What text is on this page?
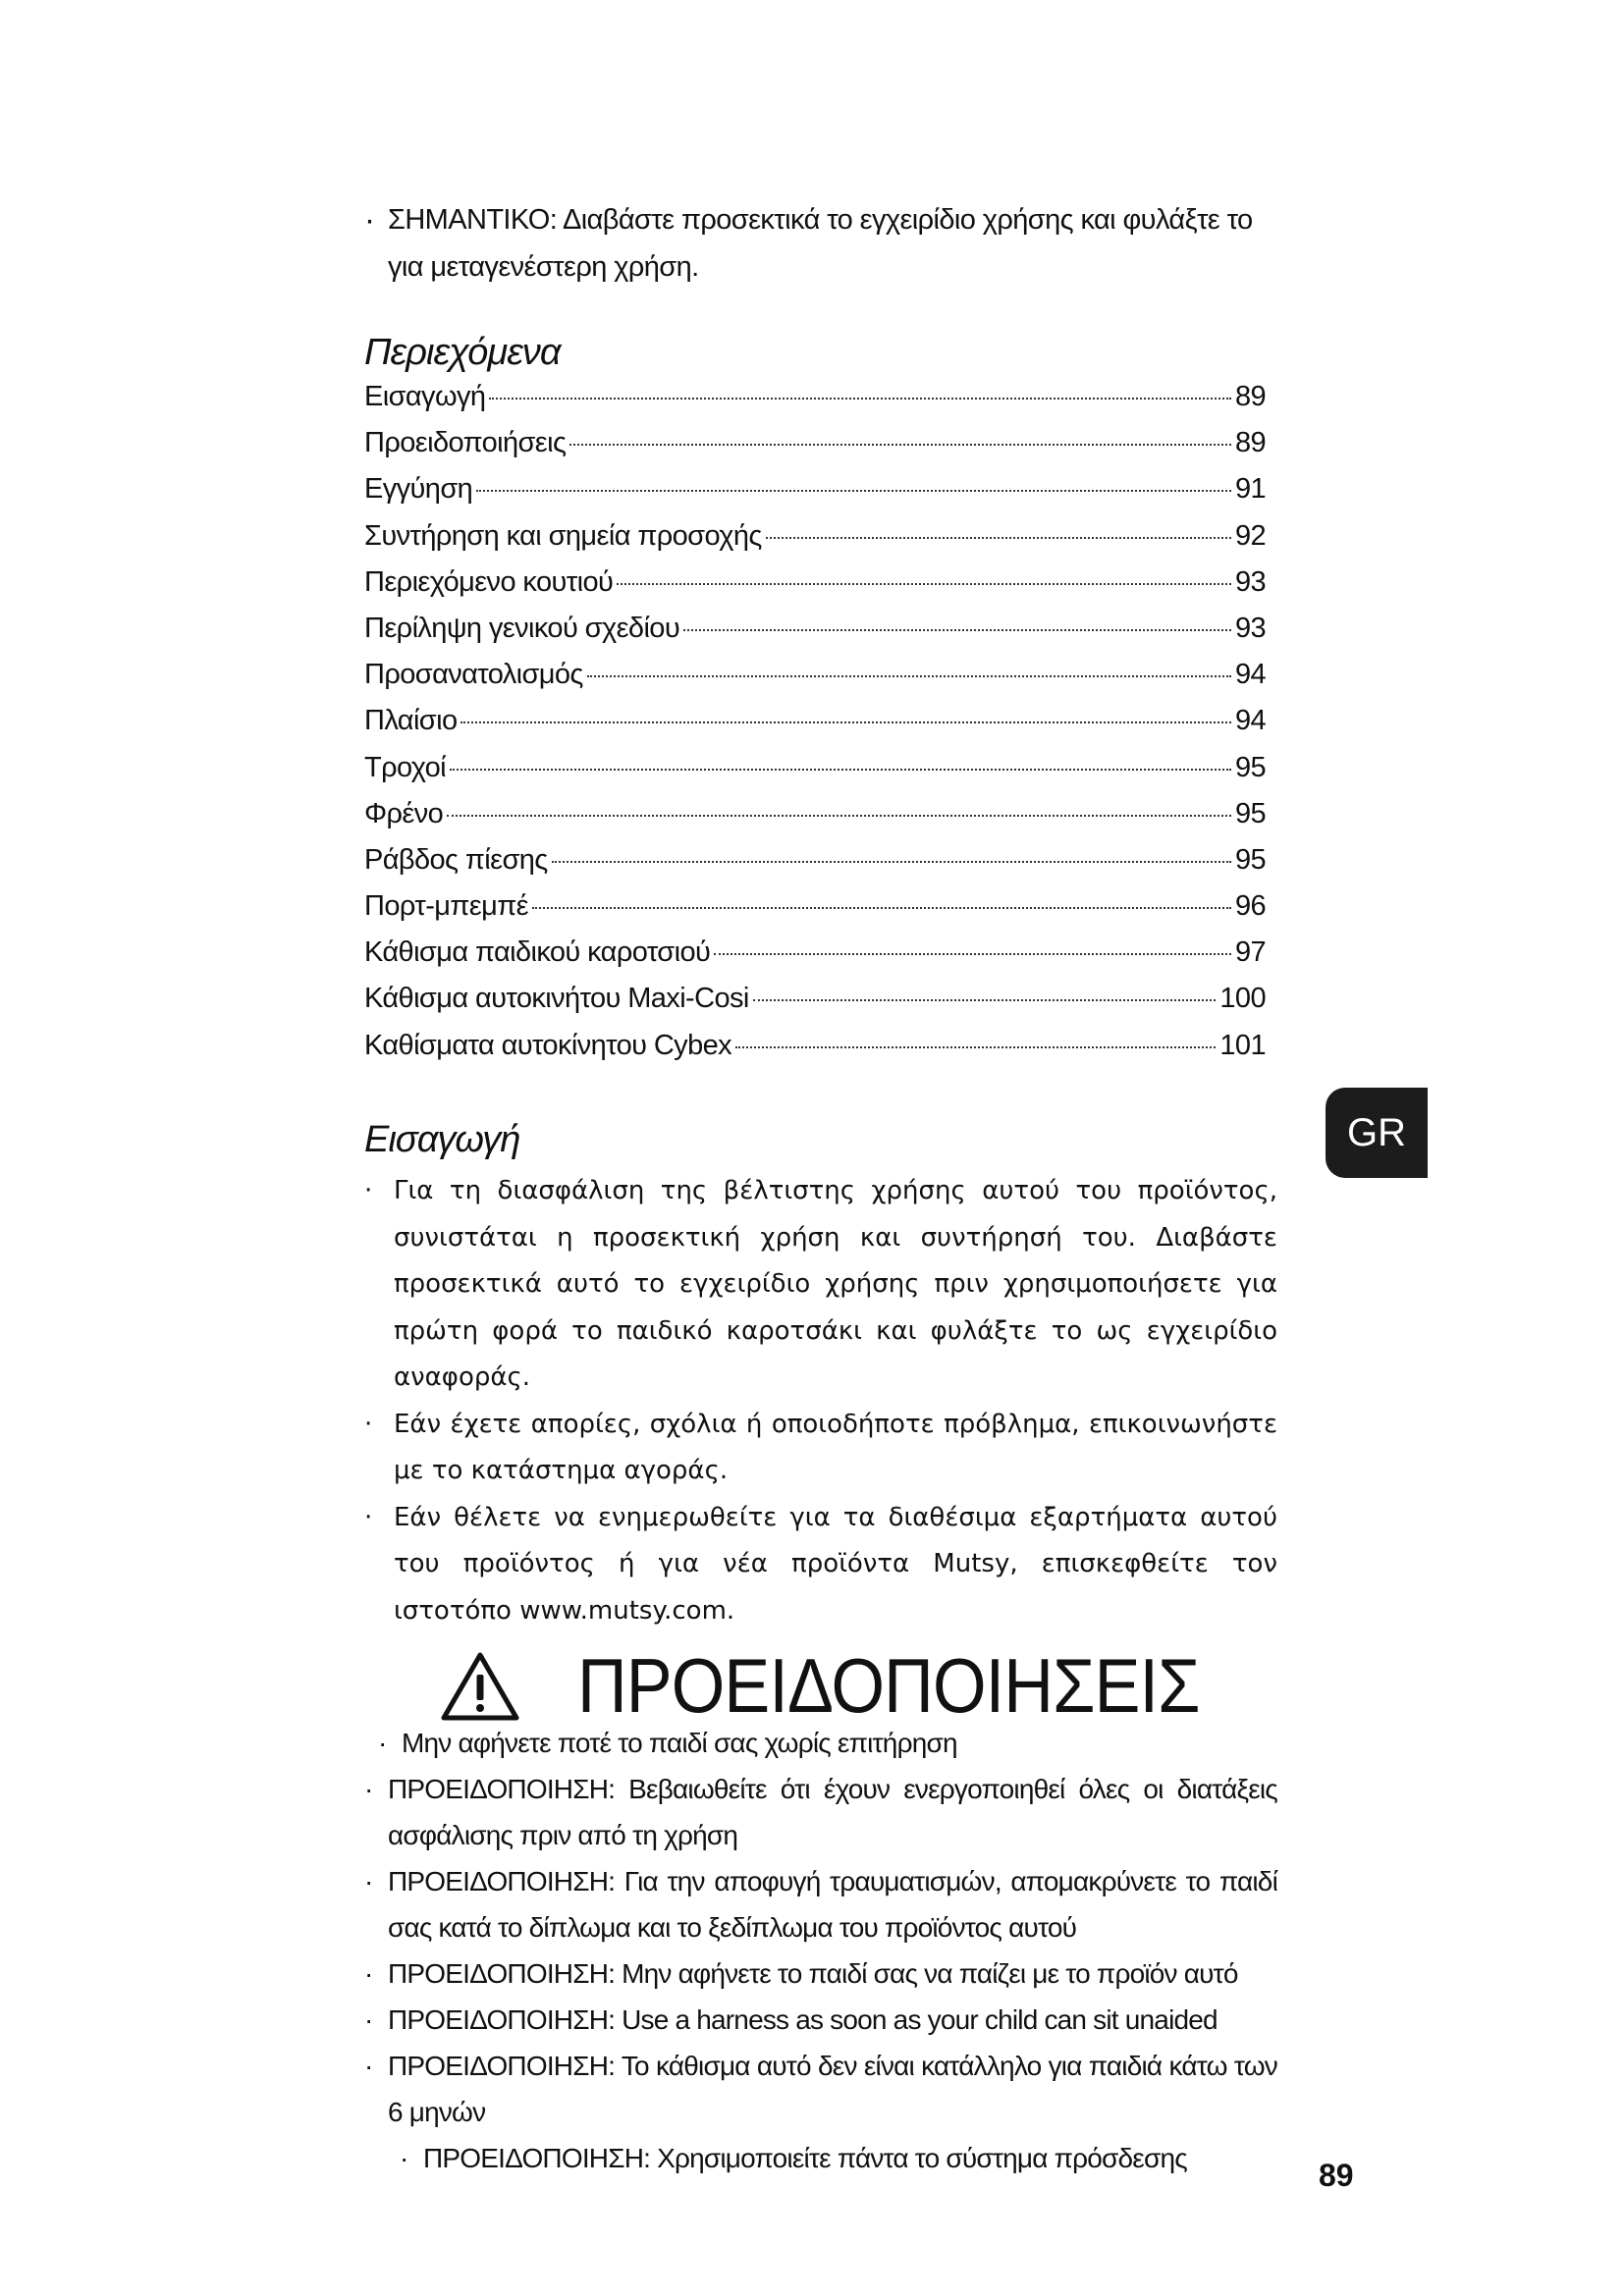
· ΣΗΜΑΝΤΙΚΟ: Διαβάστε προσεκτικά το εγχειρίδιο χρήσης και φυλάξτε το για μεταγενέστερη χρήση.
Περιεχόμενα
Εισαγωγή	89
Προειδοποιήσεις	89
Εγγύηση	91
Συντήρηση και σημεία προσοχής	92
Περιεχόμενο κουτιού	93
Περίληψη γενικού σχεδίου	93
Προσανατολισμός	94
Πλαίσιο	94
Τροχοί	95
Φρένο	95
Ράβδος πίεσης	95
Πορτ-μπεμπέ	96
Κάθισμα παιδικού καροτσιού	97
Κάθισμα αυτοκινήτου Maxi-Cosi	100
Καθίσματα αυτοκίνητου Cybex	101
Εισαγωγή
· Για τη διασφάλιση της βέλτιστης χρήσης αυτού του προϊόντος, συνιστάται η προσεκτική χρήση και συντήρησή του. Διαβάστε προσεκτικά αυτό το εγχειρίδιο χρήσης πριν χρησιμοποιήσετε για πρώτη φορά το παιδικό καροτσάκι και φυλάξτε το ως εγχειρίδιο αναφοράς.
· Εάν έχετε απορίες, σχόλια ή οποιοδήποτε πρόβλημα, επικοινωνήστε με το κατάστημα αγοράς.
· Εάν θέλετε να ενημερωθείτε για τα διαθέσιμα εξαρτήματα αυτού του προϊόντος ή για νέα προϊόντα Mutsy, επισκεφθείτε τον ιστοτόπο www.mutsy.com.
GR
ΠΡΟΕΙΔΟΠΟΙΗΣΕΙΣ
· Μην αφήνετε ποτέ το παιδί σας χωρίς επιτήρηση
· ΠΡΟΕΙΔΟΠΟΙΗΣΗ: Βεβαιωθείτε ότι έχουν ενεργοποιηθεί όλες οι διατάξεις ασφάλισης πριν από τη χρήση
· ΠΡΟΕΙΔΟΠΟΙΗΣΗ: Για την αποφυγή τραυματισμών, απομακρύνετε το παιδί σας κατά το δίπλωμα και το ξεδίπλωμα του προϊόντος αυτού
· ΠΡΟΕΙΔΟΠΟΙΗΣΗ: Μην αφήνετε το παιδί σας να παίζει με το προϊόν αυτό
· ΠΡΟΕΙΔΟΠΟΙΗΣΗ: Use a harness as soon as your child can sit unaided
· ΠΡΟΕΙΔΟΠΟΙΗΣΗ: Το κάθισμα αυτό δεν είναι κατάλληλο για παιδιά κάτω των 6 μηνών
· ΠΡΟΕΙΔΟΠΟΙΗΣΗ: Χρησιμοποιείτε πάντα το σύστημα πρόσδεσης	89
